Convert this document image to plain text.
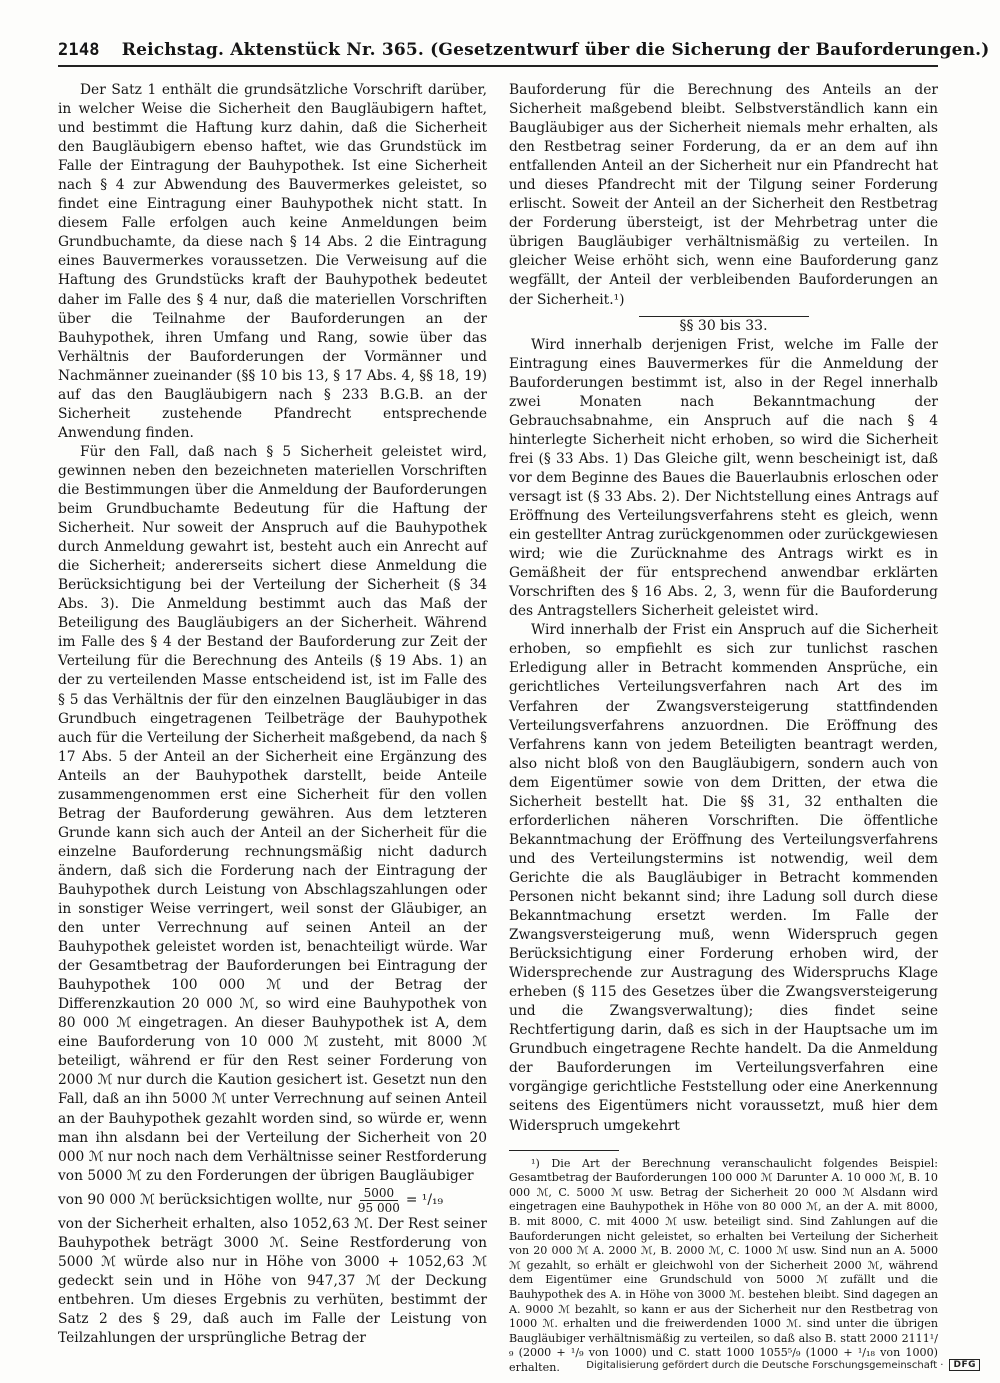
2148 Reichstag. Aktenstück Nr. 365. (Gesetzentwurf über die Sicherung der Bauforderungen.)

Der Satz 1 enthält die grundsätzliche Vorschrift darüber, in welcher Weise die Sicherheit den Baugläubigern haftet, und bestimmt die Haftung kurz dahin, daß die Sicherheit den Baugläubigern ebenso haftet, wie das Grundstück im Falle der Eintragung der Bauhypothek. Ist eine Sicherheit nach § 4 zur Abwendung des Bauvermerkes geleistet, so findet eine Eintragung einer Bauhypothek nicht statt. In diesem Falle erfolgen auch keine Anmeldungen beim Grundbuchamte, da diese nach § 14 Abs. 2 die Eintragung eines Bauvermerkes voraussetzen. Die Verweisung auf die Haftung des Grundstücks kraft der Bauhypothek bedeutet daher im Falle des § 4 nur, daß die materiellen Vorschriften über die Teilnahme der Bauforderungen an der Bauhypothek, ihren Umfang und Rang, sowie über das Verhältnis der Bauforderungen der Vormänner und Nachmänner zueinander (§§ 10 bis 13, § 17 Abs. 4, §§ 18, 19) auf das den Baugläubigern nach § 233 B.G.B. an der Sicherheit zustehende Pfandrecht entsprechende Anwendung finden.

Für den Fall, daß nach § 5 Sicherheit geleistet wird, gewinnen neben den bezeichneten materiellen Vorschriften die Bestimmungen über die Anmeldung der Bauforderungen beim Grundbuchamte Bedeutung für die Haftung der Sicherheit. Nur soweit der Anspruch auf die Bauhypothek durch Anmeldung gewahrt ist, besteht auch ein Anrecht auf die Sicherheit; andererseits sichert diese Anmeldung die Berücksichtigung bei der Verteilung der Sicherheit (§ 34 Abs. 3). Die Anmeldung bestimmt auch das Maß der Beteiligung des Baugläubigers an der Sicherheit. Während im Falle des § 4 der Bestand der Bauforderung zur Zeit der Verteilung für die Berechnung des Anteils (§ 19 Abs. 1) an der zu verteilenden Masse entscheidend ist, ist im Falle des § 5 das Verhältnis der für den einzelnen Baugläubiger in das Grundbuch eingetragenen Teilbeträge der Bauhypothek auch für die Verteilung der Sicherheit maßgebend, da nach § 17 Abs. 5 der Anteil an der Sicherheit eine Ergänzung des Anteils an der Bauhypothek darstellt, beide Anteile zusammengenommen erst eine Sicherheit für den vollen Betrag der Bauforderung gewähren. Aus dem letzteren Grunde kann sich auch der Anteil an der Sicherheit für die einzelne Bauforderung rechnungsmäßig nicht dadurch ändern, daß sich die Forderung nach der Eintragung der Bauhypothek durch Leistung von Abschlagszahlungen oder in sonstiger Weise verringert, weil sonst der Gläubiger, an den unter Verrechnung auf seinen Anteil an der Bauhypothek geleistet worden ist, benachteiligt würde. War der Gesamtbetrag der Bauforderungen bei Eintragung der Bauhypothek 100 000 ℳ und der Betrag der Differenzkaution 20 000 ℳ, so wird eine Bauhypothek von 80 000 ℳ eingetragen. An dieser Bauhypothek ist A, dem eine Bauforderung von 10 000 ℳ zusteht, mit 8000 ℳ beteiligt, während er für den Rest seiner Forderung von 2000 ℳ nur durch die Kaution gesichert ist. Gesetzt nun den Fall, daß an ihn 5000 ℳ unter Verrechnung auf seinen Anteil an der Bauhypothek gezahlt worden sind, so würde er, wenn man ihn alsdann bei der Verteilung der Sicherheit von 20 000 ℳ nur noch nach dem Verhältnisse seiner Restforderung von 5000 ℳ zu den Forderungen der übrigen Baugläubiger

von 90 000 ℳ berücksichtigen wollte, nur $\frac{5000}{95 000} = ^1/_{19}$

von der Sicherheit erhalten, also 1052,63 ℳ. Der Rest seiner Bauhypothek beträgt 3000 ℳ. Seine Restforderung von 5000 ℳ würde also nur in Höhe von 3000 + 1052,63 ℳ gedeckt sein und in Höhe von 947,37 ℳ der Deckung entbehren. Um dieses Ergebnis zu verhüten, bestimmt der Satz 2 des § 29, daß auch im Falle der Leistung von Teilzahlungen der ursprüngliche Betrag der

Bauforderung für die Berechnung des Anteils an der Sicherheit maßgebend bleibt. Selbstverständlich kann ein Baugläubiger aus der Sicherheit niemals mehr erhalten, als den Restbetrag seiner Forderung, da er an dem auf ihn entfallenden Anteil an der Sicherheit nur ein Pfandrecht hat und dieses Pfandrecht mit der Tilgung seiner Forderung erlischt. Soweit der Anteil an der Sicherheit den Restbetrag der Forderung übersteigt, ist der Mehrbetrag unter die übrigen Baugläubiger verhältnismäßig zu verteilen. In gleicher Weise erhöht sich, wenn eine Bauforderung ganz wegfällt, der Anteil der verbleibenden Bauforderungen an der Sicherheit.¹)

§§ 30 bis 33.

Wird innerhalb derjenigen Frist, welche im Falle der Eintragung eines Bauvermerkes für die Anmeldung der Bauforderungen bestimmt ist, also in der Regel innerhalb zwei Monaten nach Bekanntmachung der Gebrauchsabnahme, ein Anspruch auf die nach § 4 hinterlegte Sicherheit nicht erhoben, so wird die Sicherheit frei (§ 33 Abs. 1) Das Gleiche gilt, wenn bescheinigt ist, daß vor dem Beginne des Baues die Bauerlaubnis erloschen oder versagt ist (§ 33 Abs. 2). Der Nichtstellung eines Antrags auf Eröffnung des Verteilungsverfahrens steht es gleich, wenn ein gestellter Antrag zurückgenommen oder zurückgewiesen wird; wie die Zurücknahme des Antrags wirkt es in Gemäßheit der für entsprechend anwendbar erklärten Vorschriften des § 16 Abs. 2, 3, wenn für die Bauforderung des Antragstellers Sicherheit geleistet wird.

Wird innerhalb der Frist ein Anspruch auf die Sicherheit erhoben, so empfiehlt es sich zur tunlichst raschen Erledigung aller in Betracht kommenden Ansprüche, ein gerichtliches Verteilungsverfahren nach Art des im Verfahren der Zwangsversteigerung stattfindenden Verteilungsverfahrens anzuordnen. Die Eröffnung des Verfahrens kann von jedem Beteiligten beantragt werden, also nicht bloß von den Baugläubigern, sondern auch von dem Eigentümer sowie von dem Dritten, der etwa die Sicherheit bestellt hat. Die §§ 31, 32 enthalten die erforderlichen näheren Vorschriften. Die öffentliche Bekanntmachung der Eröffnung des Verteilungsverfahrens und des Verteilungstermins ist notwendig, weil dem Gerichte die als Baugläubiger in Betracht kommenden Personen nicht bekannt sind; ihre Ladung soll durch diese Bekanntmachung ersetzt werden. Im Falle der Zwangsversteigerung muß, wenn Widerspruch gegen Berücksichtigung einer Forderung erhoben wird, der Widersprechende zur Austragung des Widerspruchs Klage erheben (§ 115 des Gesetzes über die Zwangsversteigerung und die Zwangsverwaltung); dies findet seine Rechtfertigung darin, daß es sich in der Hauptsache um im Grundbuch eingetragene Rechte handelt. Da die Anmeldung der Bauforderungen im Verteilungsverfahren eine vorgängige gerichtliche Feststellung oder eine Anerkennung seitens des Eigentümers nicht voraussetzt, muß hier dem Widerspruch umgekehrt

¹) Die Art der Berechnung veranschaulicht folgendes Beispiel: Gesamtbetrag der Bauforderungen 100 000 ℳ Darunter A. 10 000 ℳ, B. 10 000 ℳ, C. 5000 ℳ usw. Betrag der Sicherheit 20 000 ℳ Alsdann wird eingetragen eine Bauhypothek in Höhe von 80 000 ℳ, an der A. mit 8000, B. mit 8000, C. mit 4000 ℳ usw. beteiligt sind. Sind Zahlungen auf die Bauforderungen nicht geleistet, so erhalten bei Verteilung der Sicherheit von 20 000 ℳ A. 2000 ℳ, B. 2000 ℳ, C. 1000 ℳ usw. Sind nun an A. 5000 ℳ gezahlt, so erhält er gleichwohl von der Sicherheit 2000 ℳ, während dem Eigentümer eine Grundschuld von 5000 ℳ zufällt und die Bauhypothek des A. in Höhe von 3000 ℳ. bestehen bleibt. Sind dagegen an A. 9000 ℳ bezahlt, so kann er aus der Sicherheit nur den Restbetrag von 1000 ℳ. erhalten und die freiwerdenden 1000 ℳ. sind unter die übrigen Baugläubiger verhältnismäßig zu verteilen, so daß also B. statt 2000 2111¹/₉ (2000 + ¹/₉ von 1000) und C. statt 1000 1055⁵/₉ (1000 + ¹/₁₈ von 1000) erhalten.	Digitalisierung gefördert durch die Deutsche Forschungsgemeinschaft ·	DFG
